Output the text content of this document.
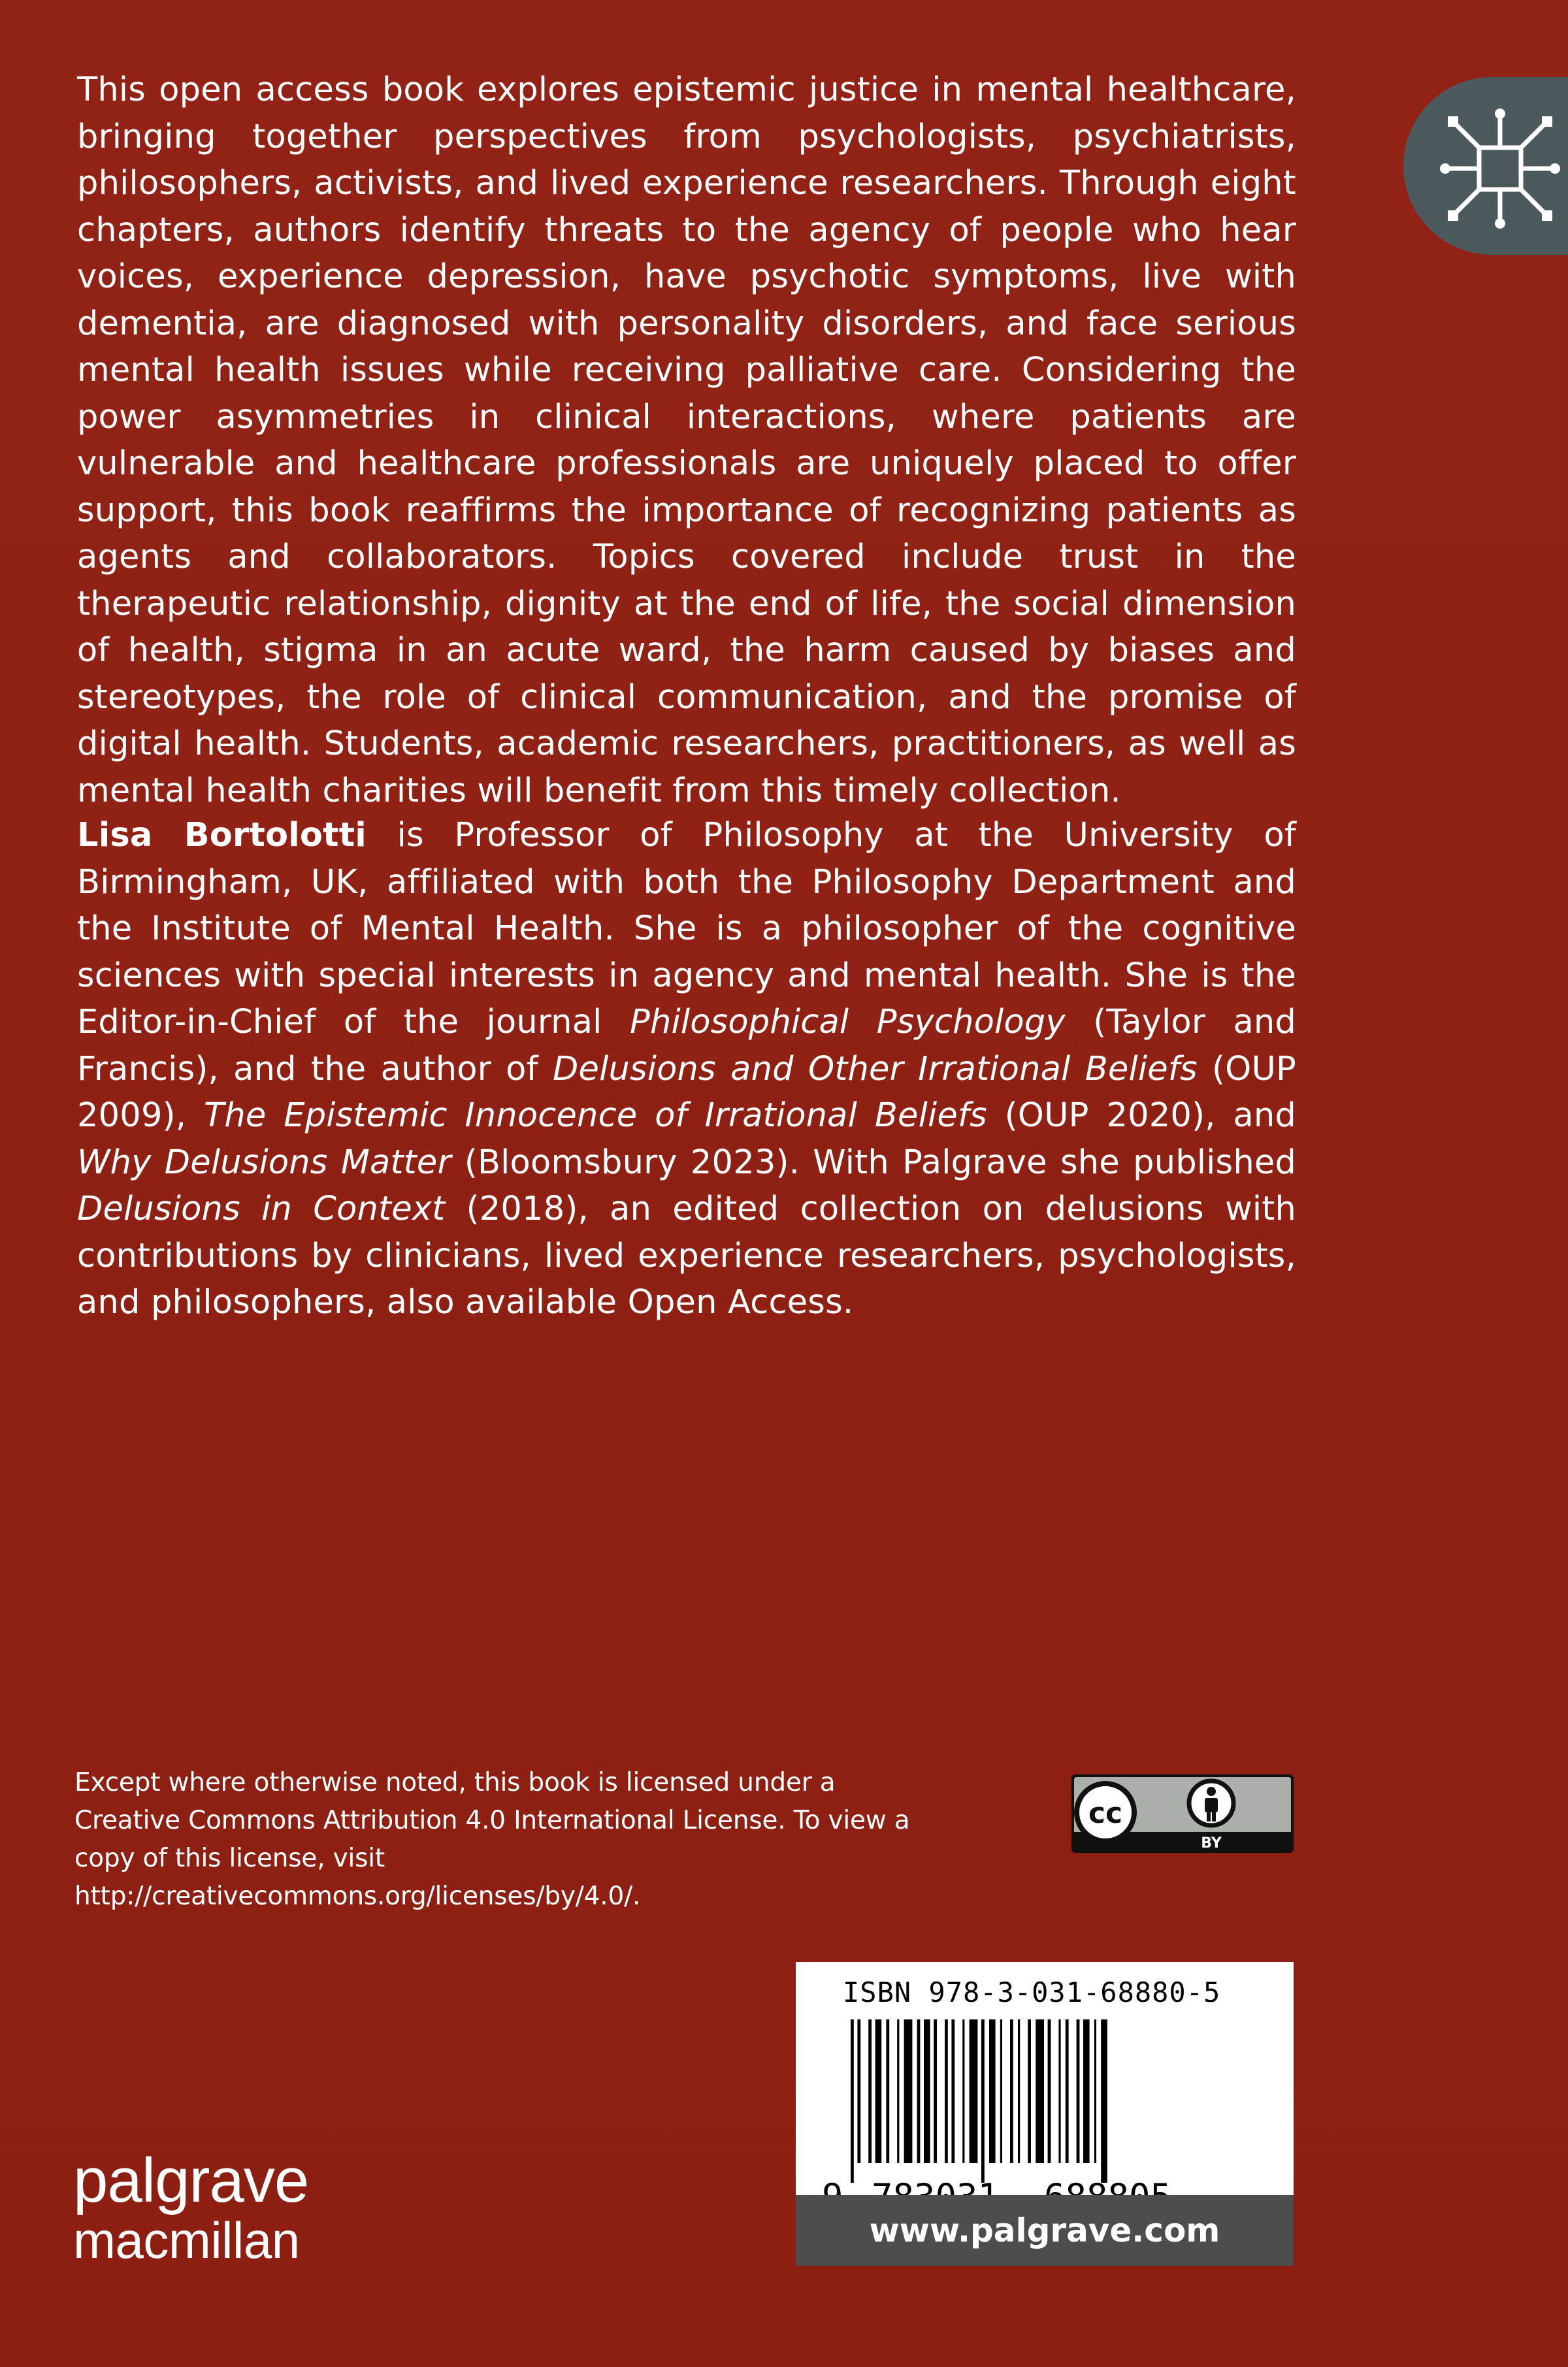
This open access book explores epistemic justice in mental healthcare, bringing together perspectives from psychologists, psychiatrists, philosophers, activists, and lived experience researchers. Through eight chapters, authors identify threats to the agency of people who hear voices, experience depression, have psychotic symptoms, live with dementia, are diagnosed with personality disorders, and face serious mental health issues while receiving palliative care. Considering the power asymmetries in clinical interactions, where patients are vulnerable and healthcare professionals are uniquely placed to offer support, this book reaffirms the importance of recognizing patients as agents and collaborators. Topics covered include trust in the therapeutic relationship, dignity at the end of life, the social dimension of health, stigma in an acute ward, the harm caused by biases and stereotypes, the role of clinical communication, and the promise of digital health. Students, academic researchers, practitioners, as well as mental health charities will benefit from this timely collection.

Lisa Bortolotti is Professor of Philosophy at the University of Birmingham, UK, affiliated with both the Philosophy Department and the Institute of Mental Health. She is a philosopher of the cognitive sciences with special interests in agency and mental health. She is the Editor-in-Chief of the journal Philosophical Psychology (Taylor and Francis), and the author of Delusions and Other Irrational Beliefs (OUP 2009), The Epistemic Innocence of Irrational Beliefs (OUP 2020), and Why Delusions Matter (Bloomsbury 2023). With Palgrave she published Delusions in Context (2018), an edited collection on delusions with contributions by clinicians, lived experience researchers, psychologists, and philosophers, also available Open Access.

Except where otherwise noted, this book is licensed under a Creative Commons Attribution 4.0 International License. To view a copy of this license, visit http://creativecommons.org/licenses/by/4.0/.

cc
BY
ISBN 978-3-031-68880-5
www.palgrave.com
palgrave
macmillan
